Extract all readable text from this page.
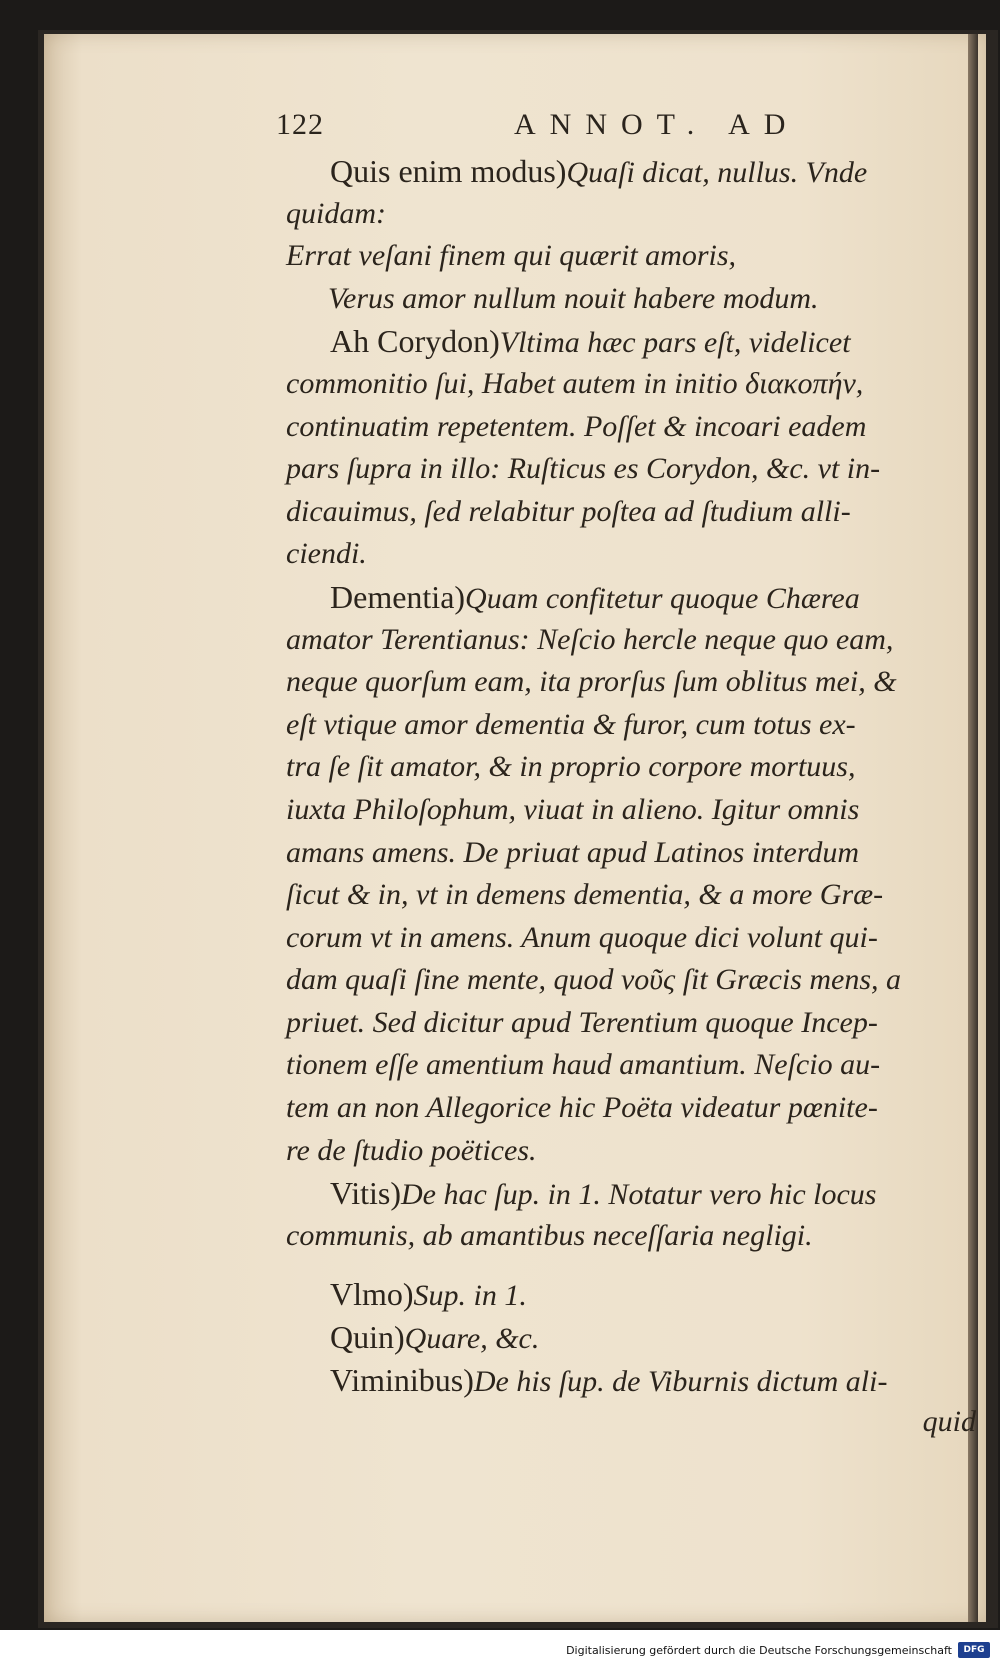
122	ANNOT. AD
Quis enim modus)Quaſi dicat, nullus. Vnde
quidam:
Errat veſani finem qui quærit amoris,
Verus amor nullum nouit habere modum.
Ah Corydon)Vltima hæc pars eſt, videlicet
commonitio ſui, Habet autem in initio διακοπήν,
continuatim repetentem. Poſſet & incoari eadem
pars ſupra in illo: Ruſticus es Corydon, &c. vt in-
dicauimus, ſed relabitur poſtea ad ſtudium alli-
ciendi.
Dementia)Quam confitetur quoque Chærea
amator Terentianus: Neſcio hercle neque quo eam,
neque quorſum eam, ita prorſus ſum oblitus mei, &
eſt vtique amor dementia & furor, cum totus ex-
tra ſe ſit amator, & in proprio corpore mortuus,
iuxta Philoſophum, viuat in alieno. Igitur omnis
amans amens. De priuat apud Latinos interdum
ſicut & in, vt in demens dementia, & a more Græ-
corum vt in amens. Anum quoque dici volunt qui-
dam quaſi ſine mente, quod νοῦς ſit Græcis mens, a
priuet. Sed dicitur apud Terentium quoque Incep-
tionem eſſe amentium haud amantium. Neſcio au-
tem an non Allegorice hic Poëta videatur pœnite-
re de ſtudio poëtices.
Vitis)De hac ſup. in 1. Notatur vero hic locus
communis, ab amantibus neceſſaria negligi.
Vlmo)Sup. in 1.
Quin)Quare, &c.
Viminibus)De his ſup. de Viburnis dictum ali-
quid
Digitalisierung gefördert durch die Deutsche Forschungsgemeinschaft	DFG
